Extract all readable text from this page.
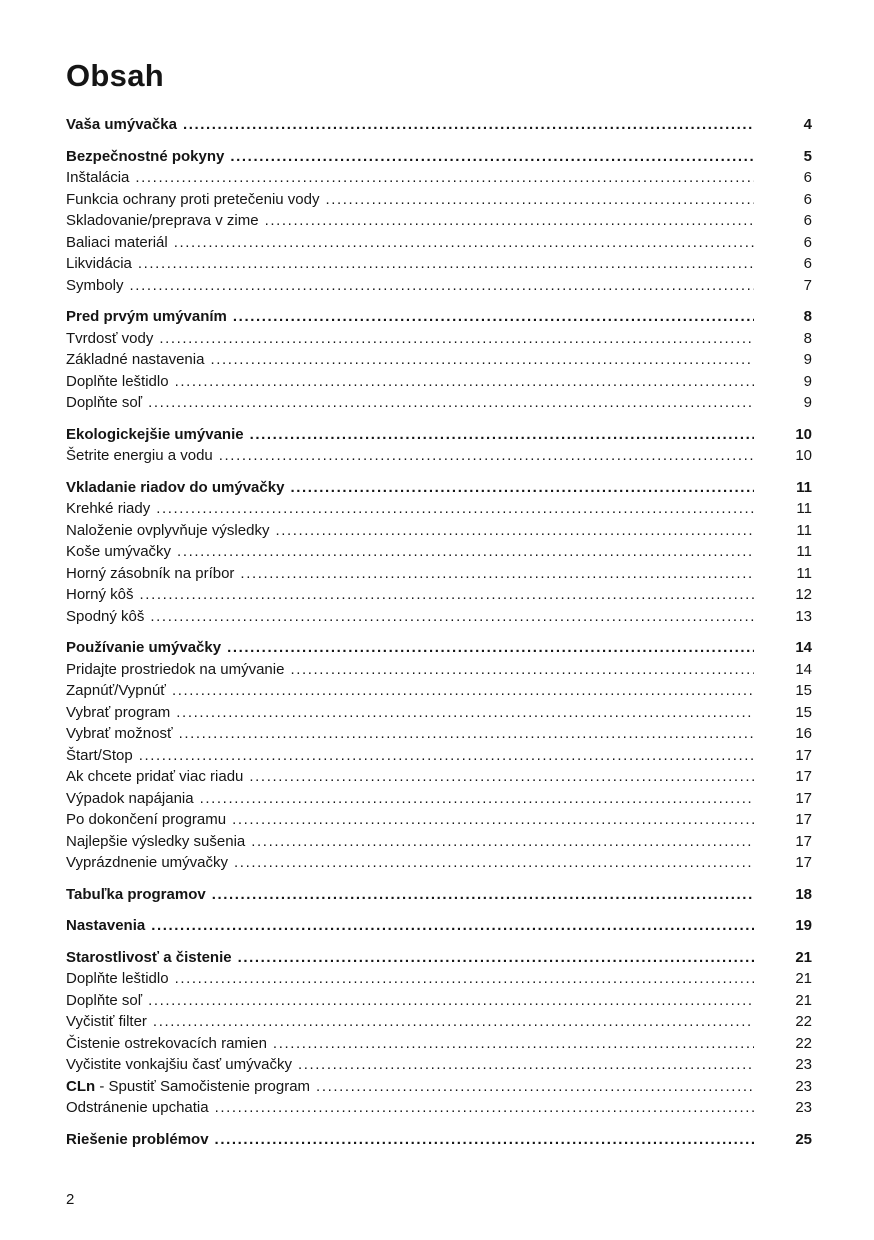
Obsah
Vaša umývačka .....	4
Bezpečnostné pokyny .....	5
Inštalácia .....	6
Funkcia ochrany proti pretečeniu vody .....	6
Skladovanie/preprava v zime .....	6
Baliaci materiál .....	6
Likvidácia .....	6
Symboly .....	7
Pred prvým umývaním .....	8
Tvrdosť vody .....	8
Základné nastavenia .....	9
Doplňte leštidlo .....	9
Doplňte soľ .....	9
Ekologickejšie umývanie .....	10
Šetrite energiu a vodu .....	10
Vkladanie riadov do umývačky .....	11
Krehké riady .....	11
Naloženie ovplyvňuje výsledky .....	11
Koše umývačky .....	11
Horný zásobník na príbor .....	11
Horný kôš .....	12
Spodný kôš .....	13
Používanie umývačky .....	14
Pridajte prostriedok na umývanie .....	14
Zapnúť/Vypnúť .....	15
Vybrať program .....	15
Vybrať možnosť .....	16
Štart/Stop .....	17
Ak chcete pridať viac riadu .....	17
Výpadok napájania .....	17
Po dokončení programu .....	17
Najlepšie výsledky sušenia .....	17
Vyprázdnenie umývačky .....	17
Tabuľka programov .....	18
Nastavenia .....	19
Starostlivosť a čistenie .....	21
Doplňte leštidlo .....	21
Doplňte soľ .....	21
Vyčistiť filter .....	22
Čistenie ostrekovacích ramien .....	22
Vyčistite vonkajšiu časť umývačky .....	23
CLn - Spustiť Samočistenie program .....	23
Odstránenie upchatia .....	23
Riešenie problémov .....	25
2
